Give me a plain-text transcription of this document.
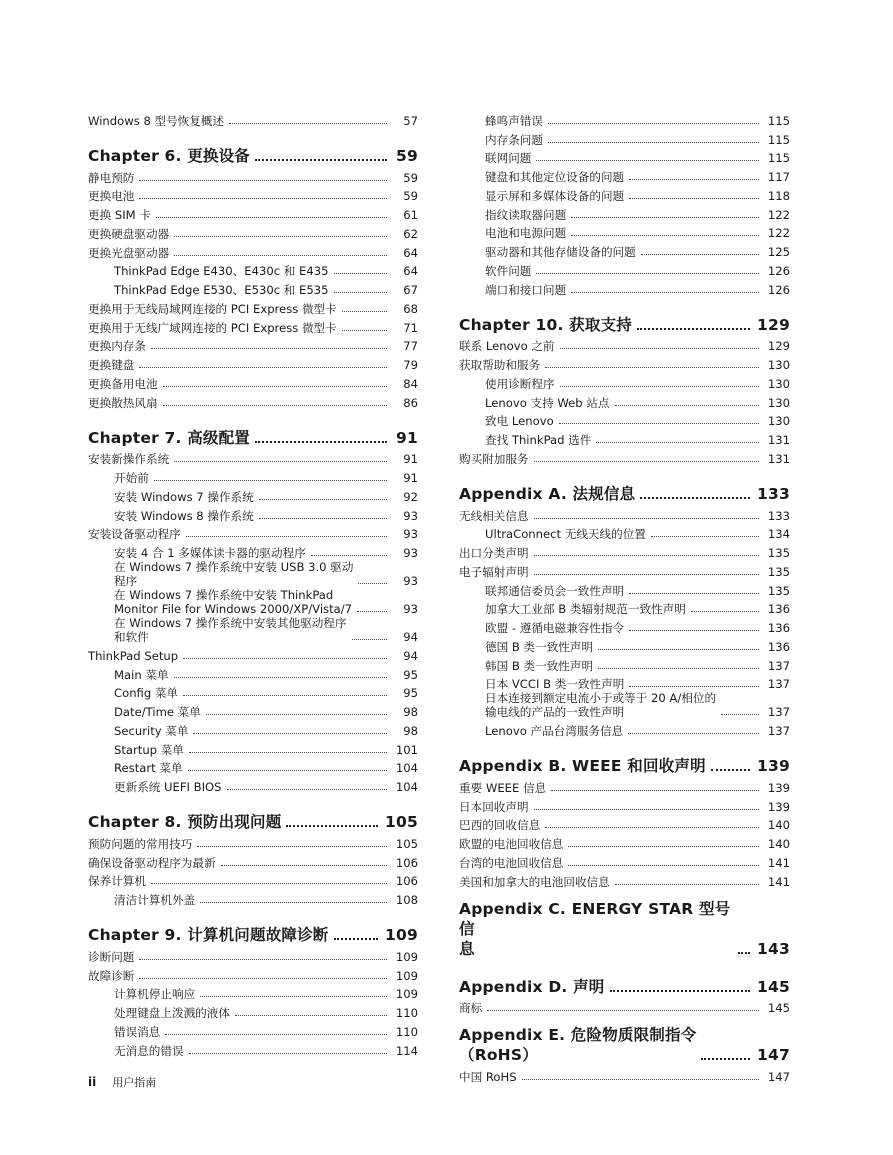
Windows 8 型号恢复概述	57
Chapter 6. 更换设备	59
静电预防	59
更换电池	59
更换 SIM 卡	61
更换硬盘驱动器	62
更换光盘驱动器	64
ThinkPad Edge E430、E430c 和 E435	64
ThinkPad Edge E530、E530c 和 E535	67
更换用于无线局域网连接的 PCI Express 微型卡	68
更换用于无线广域网连接的 PCI Express 微型卡	71
更换内存条	77
更换键盘	79
更换备用电池	84
更换散热风扇	86
Chapter 7. 高级配置	91
安装新操作系统	91
开始前	91
安装 Windows 7 操作系统	92
安装 Windows 8 操作系统	93
安装设备驱动程序	93
安装 4 合 1 多媒体读卡器的驱动程序	93
在 Windows 7 操作系统中安装 USB 3.0 驱动
程序	93
在 Windows 7 操作系统中安装 ThinkPad
Monitor File for Windows 2000/XP/Vista/7	93
在 Windows 7 操作系统中安装其他驱动程序
和软件	94
ThinkPad Setup	94
Main 菜单	95
Config 菜单	95
Date/Time 菜单	98
Security 菜单	98
Startup 菜单	101
Restart 菜单	104
更新系统 UEFI BIOS	104
Chapter 8. 预防出现问题	105
预防问题的常用技巧	105
确保设备驱动程序为最新	106
保养计算机	106
清洁计算机外盖	108
Chapter 9. 计算机问题故障诊断	109
诊断问题	109
故障诊断	109
计算机停止响应	109
处理键盘上泼溅的液体	110
错误消息	110
无消息的错误	114
蜂鸣声错误	115
内存条问题	115
联网问题	115
键盘和其他定位设备的问题	117
显示屏和多媒体设备的问题	118
指纹读取器问题	122
电池和电源问题	122
驱动器和其他存储设备的问题	125
软件问题	126
端口和接口问题	126
Chapter 10. 获取支持	129
联系 Lenovo 之前	129
获取帮助和服务	130
使用诊断程序	130
Lenovo 支持 Web 站点	130
致电 Lenovo	130
查找 ThinkPad 选件	131
购买附加服务	131
Appendix A. 法规信息	133
无线相关信息	133
UltraConnect 无线天线的位置	134
出口分类声明	135
电子辐射声明	135
联邦通信委员会一致性声明	135
加拿大工业部 B 类辐射规范一致性声明	136
欧盟 - 遵循电磁兼容性指令	136
德国 B 类一致性声明	136
韩国 B 类一致性声明	137
日本 VCCI B 类一致性声明	137
日本连接到额定电流小于或等于 20 A/相位的
输电线的产品的一致性声明	137
Lenovo 产品台湾服务信息	137
Appendix B. WEEE 和回收声明	139
重要 WEEE 信息	139
日本回收声明	139
巴西的回收信息	140
欧盟的电池回收信息	140
台湾的电池回收信息	141
美国和加拿大的电池回收信息	141
Appendix C. ENERGY STAR 型号信
息	143
Appendix D. 声明	145
商标	145
Appendix E. 危险物质限制指令
（RoHS）	147
中国 RoHS	147
ii 用户指南
